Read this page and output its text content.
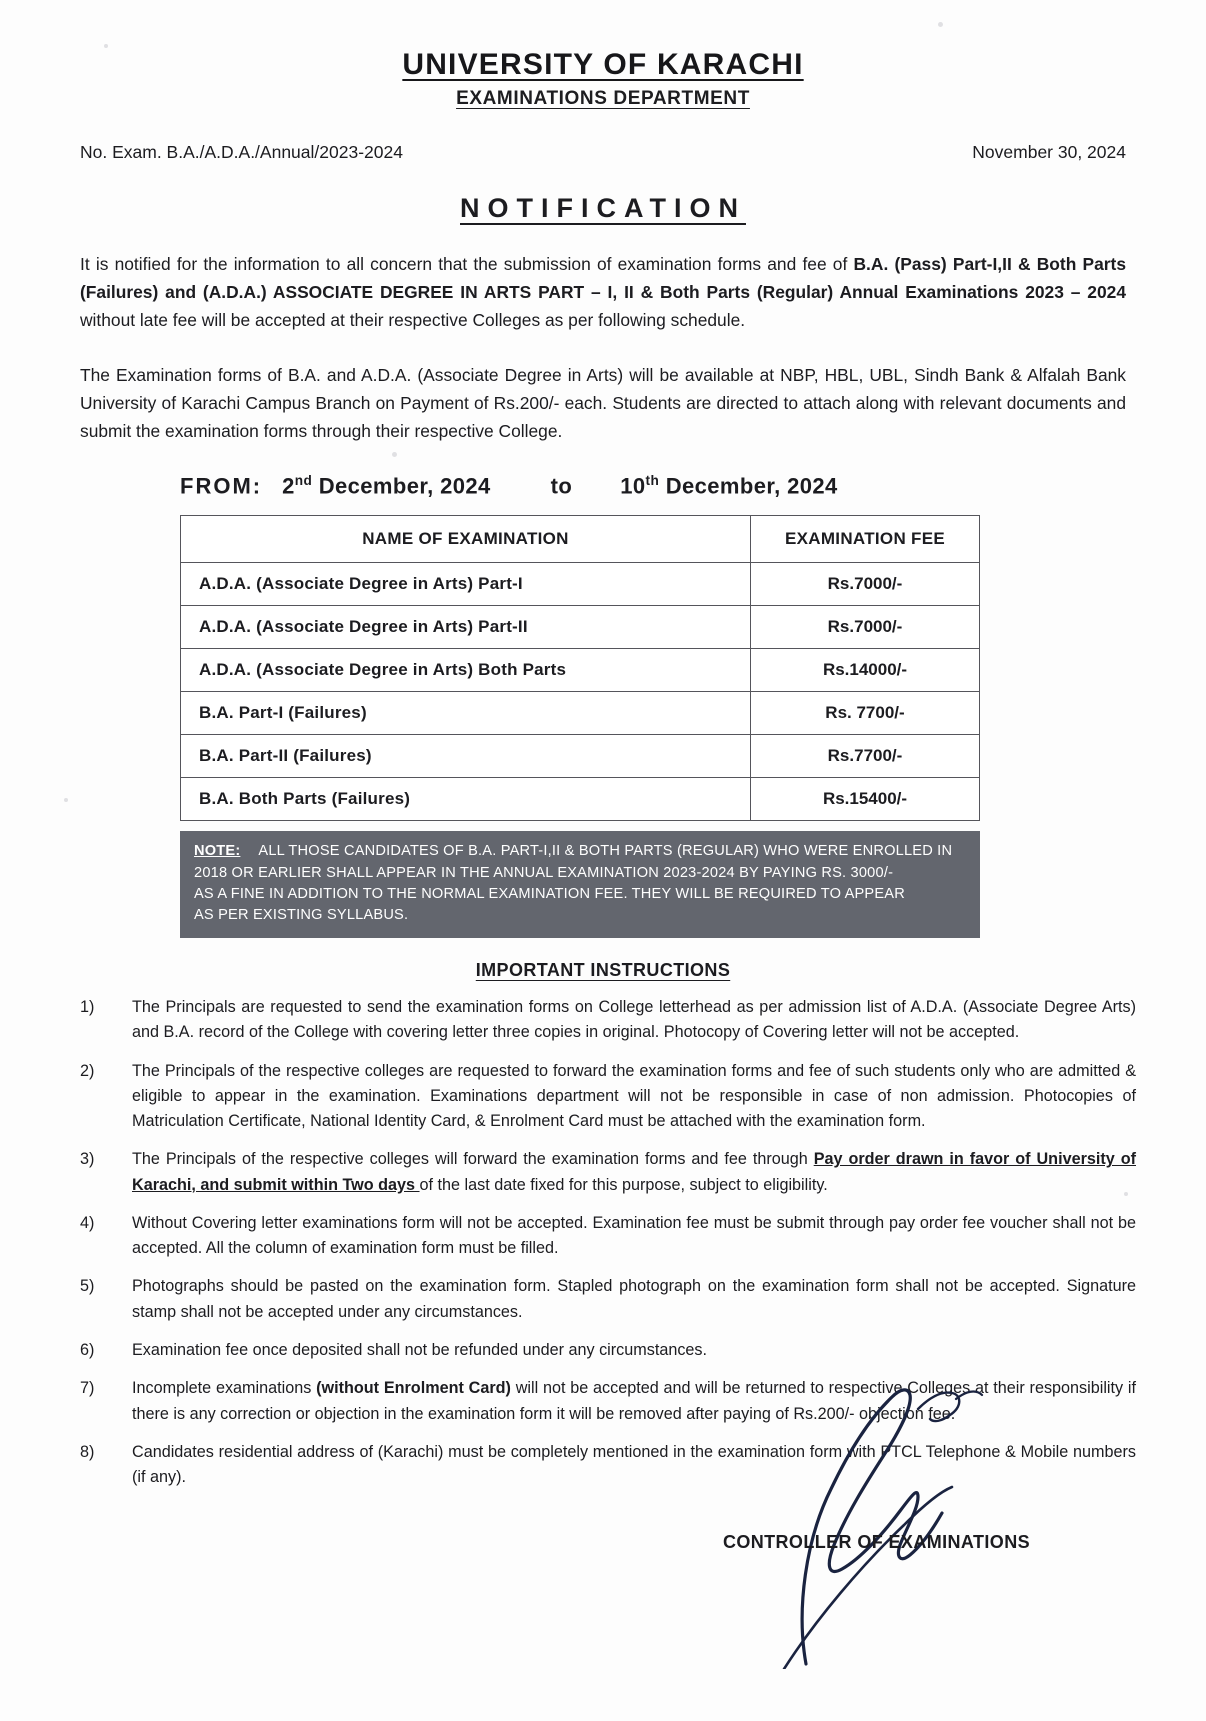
UNIVERSITY OF KARACHI
EXAMINATIONS DEPARTMENT
No. Exam. B.A./A.D.A./Annual/2023-2024	November 30, 2024
NOTIFICATION
It is notified for the information to all concern that the submission of examination forms and fee of B.A. (Pass) Part-I,II & Both Parts (Failures) and (A.D.A.) ASSOCIATE DEGREE IN ARTS PART – I, II & Both Parts (Regular) Annual Examinations 2023 – 2024 without late fee will be accepted at their respective Colleges as per following schedule.
The Examination forms of B.A. and A.D.A. (Associate Degree in Arts) will be available at NBP, HBL, UBL, Sindh Bank & Alfalah Bank University of Karachi Campus Branch on Payment of Rs.200/- each. Students are directed to attach along with relevant documents and submit the examination forms through their respective College.
FROM: 2nd December, 2024	to 10th December, 2024
NAME OF EXAMINATION	EXAMINATION FEE
A.D.A. (Associate Degree in Arts) Part-I	Rs.7000/-
A.D.A. (Associate Degree in Arts) Part-II	Rs.7000/-
A.D.A. (Associate Degree in Arts) Both Parts	Rs.14000/-
B.A. Part-I (Failures)	Rs. 7700/-
B.A. Part-II (Failures)	Rs.7700/-
B.A. Both Parts (Failures)	Rs.15400/-
NOTE: ALL THOSE CANDIDATES OF B.A. PART-I,II & BOTH PARTS (REGULAR) WHO WERE ENROLLED IN
2018 OR EARLIER SHALL APPEAR IN THE ANNUAL EXAMINATION 2023-2024 BY PAYING RS. 3000/-
AS A FINE IN ADDITION TO THE NORMAL EXAMINATION FEE. THEY WILL BE REQUIRED TO APPEAR
AS PER EXISTING SYLLABUS.
IMPORTANT INSTRUCTIONS
1)	The Principals are requested to send the examination forms on College letterhead as per admission list of A.D.A. (Associate Degree Arts) and B.A. record of the College with covering letter three copies in original. Photocopy of Covering letter will not be accepted.
2)	The Principals of the respective colleges are requested to forward the examination forms and fee of such students only who are admitted & eligible to appear in the examination. Examinations department will not be responsible in case of non admission. Photocopies of Matriculation Certificate, National Identity Card, & Enrolment Card must be attached with the examination form.
3)	The Principals of the respective colleges will forward the examination forms and fee through Pay order drawn in favor of University of Karachi, and submit within Two days of the last date fixed for this purpose, subject to eligibility.
4)	Without Covering letter examinations form will not be accepted. Examination fee must be submit through pay order fee voucher shall not be accepted. All the column of examination form must be filled.
5)	Photographs should be pasted on the examination form. Stapled photograph on the examination form shall not be accepted. Signature stamp shall not be accepted under any circumstances.
6)	Examination fee once deposited shall not be refunded under any circumstances.
7)	Incomplete examinations (without Enrolment Card) will not be accepted and will be returned to respective Colleges at their responsibility if there is any correction or objection in the examination form it will be removed after paying of Rs.200/- objection fee.
8)	Candidates residential address of (Karachi) must be completely mentioned in the examination form with PTCL Telephone & Mobile numbers (if any).
CONTROLLER OF EXAMINATIONS
